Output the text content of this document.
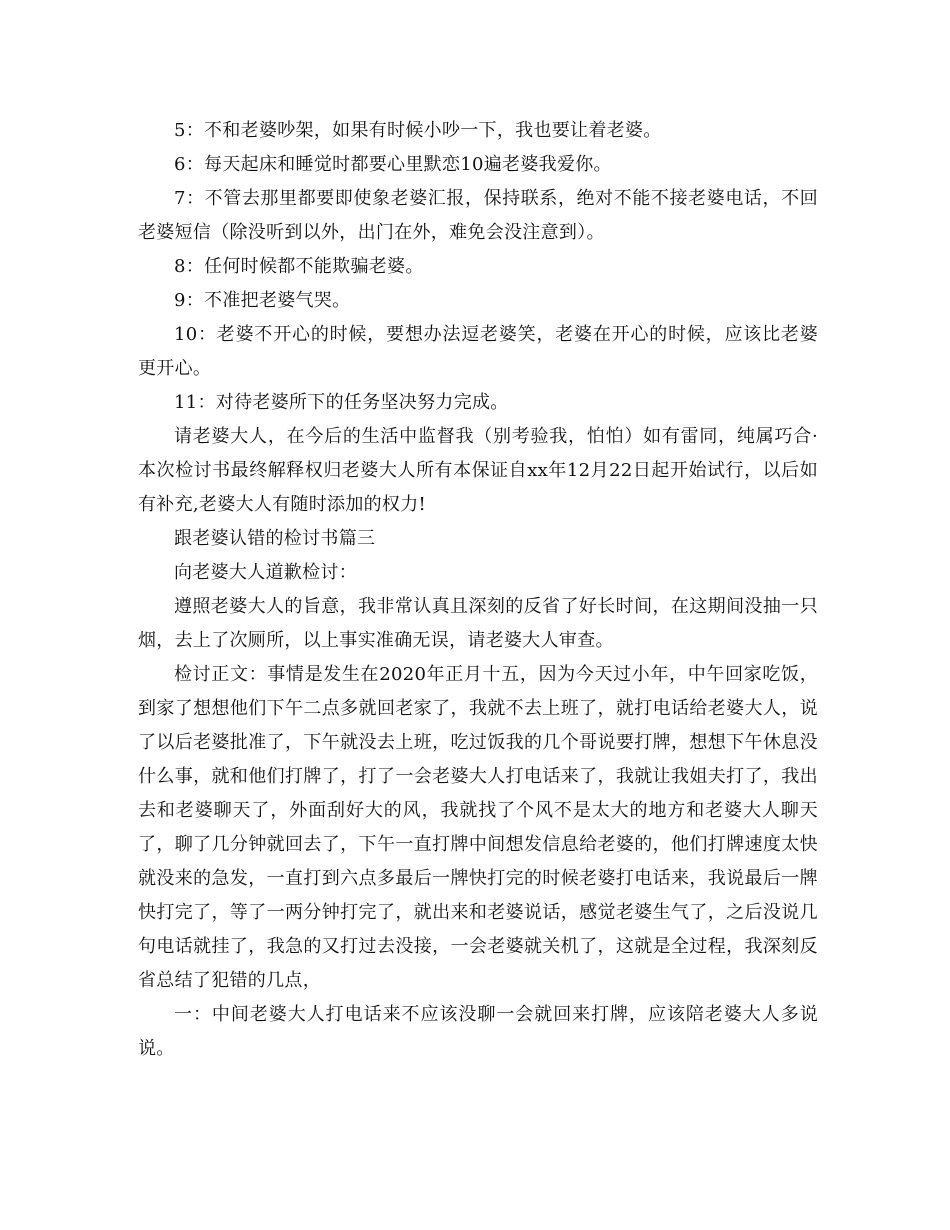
5：不和老婆吵架，如果有时候小吵一下，我也要让着老婆。

6：每天起床和睡觉时都要心里默恋10遍老婆我爱你。

7：不管去那里都要即使象老婆汇报，保持联系，绝对不能不接老婆电话，不回老婆短信（除没听到以外，出门在外，难免会没注意到）。

8：任何时候都不能欺骗老婆。

9：不准把老婆气哭。

10：老婆不开心的时候，要想办法逗老婆笑，老婆在开心的时候，应该比老婆更开心。

11：对待老婆所下的任务坚决努力完成。

请老婆大人，在今后的生活中监督我（别考验我，怕怕）如有雷同，纯属巧合·本次检讨书最终解释权归老婆大人所有本保证自xx年12月22日起开始试行，以后如有补充,老婆大人有随时添加的权力!

跟老婆认错的检讨书篇三

向老婆大人道歉检讨：

遵照老婆大人的旨意，我非常认真且深刻的反省了好长时间，在这期间没抽一只烟，去上了次厕所，以上事实准确无误，请老婆大人审查。

检讨正文：事情是发生在2020年正月十五，因为今天过小年，中午回家吃饭，到家了想想他们下午二点多就回老家了，我就不去上班了，就打电话给老婆大人，说了以后老婆批准了，下午就没去上班，吃过饭我的几个哥说要打牌，想想下午休息没什么事，就和他们打牌了，打了一会老婆大人打电话来了，我就让我姐夫打了，我出去和老婆聊天了，外面刮好大的风，我就找了个风不是太大的地方和老婆大人聊天了，聊了几分钟就回去了，下午一直打牌中间想发信息给老婆的，他们打牌速度太快就没来的急发，一直打到六点多最后一牌快打完的时候老婆打电话来，我说最后一牌快打完了，等了一两分钟打完了，就出来和老婆说话，感觉老婆生气了，之后没说几句电话就挂了，我急的又打过去没接，一会老婆就关机了，这就是全过程，我深刻反省总结了犯错的几点，

一：中间老婆大人打电话来不应该没聊一会就回来打牌，应该陪老婆大人多说说。
